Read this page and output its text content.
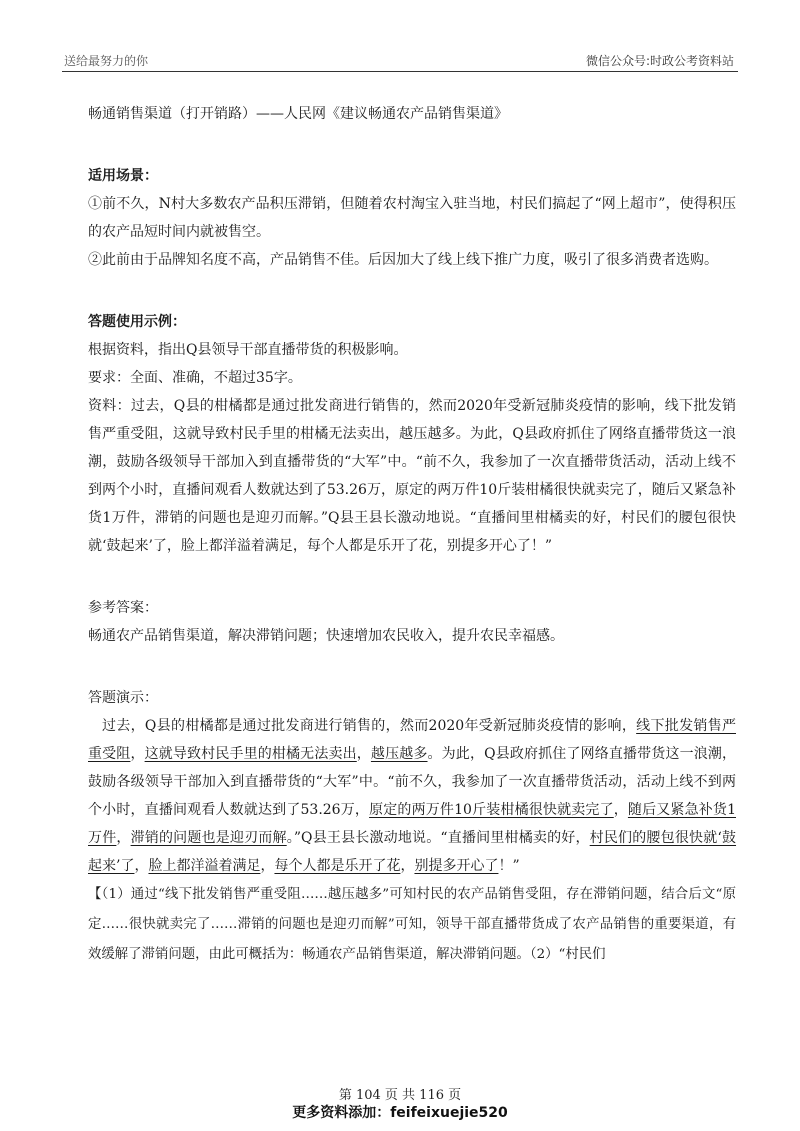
送给最努力的你	微信公众号:时政公考资料站

畅通销售渠道（打开销路）——人民网《建议畅通农产品销售渠道》

适用场景：

①前不久，N村大多数农产品积压滞销，但随着农村淘宝入驻当地，村民们搞起了“网上超市”，使得积压的农产品短时间内就被售空。

②此前由于品牌知名度不高，产品销售不佳。后因加大了线上线下推广力度，吸引了很多消费者选购。

答题使用示例：

根据资料，指出Q县领导干部直播带货的积极影响。

要求：全面、准确，不超过35字。

资料：过去，Q县的柑橘都是通过批发商进行销售的，然而2020年受新冠肺炎疫情的影响，线下批发销售严重受阻，这就导致村民手里的柑橘无法卖出，越压越多。为此，Q县政府抓住了网络直播带货这一浪潮，鼓励各级领导干部加入到直播带货的“大军”中。“前不久，我参加了一次直播带货活动，活动上线不到两个小时，直播间观看人数就达到了53.26万，原定的两万件10斤装柑橘很快就卖完了，随后又紧急补货1万件，滞销的问题也是迎刃而解。”Q县王县长激动地说。“直播间里柑橘卖的好，村民们的腰包很快就‘鼓起来’了，脸上都洋溢着满足，每个人都是乐开了花，别提多开心了！”

参考答案：

畅通农产品销售渠道，解决滞销问题；快速增加农民收入，提升农民幸福感。

答题演示：

过去，Q县的柑橘都是通过批发商进行销售的，然而2020年受新冠肺炎疫情的影响，线下批发销售严重受阻，这就导致村民手里的柑橘无法卖出，越压越多。为此，Q县政府抓住了网络直播带货这一浪潮，鼓励各级领导干部加入到直播带货的“大军”中。“前不久，我参加了一次直播带货活动，活动上线不到两个小时，直播间观看人数就达到了53.26万，原定的两万件10斤装柑橘很快就卖完了，随后又紧急补货1万件，滞销的问题也是迎刃而解。”Q县王县长激动地说。“直播间里柑橘卖的好，村民们的腰包很快就‘鼓起来’了，脸上都洋溢着满足，每个人都是乐开了花，别提多开心了！”

【（1）通过“线下批发销售严重受阻……越压越多”可知村民的农产品销售受阻，存在滞销问题，结合后文“原定……很快就卖完了……滞销的问题也是迎刃而解”可知，领导干部直播带货成了农产品销售的重要渠道，有效缓解了滞销问题，由此可概括为：畅通农产品销售渠道，解决滞销问题。（2）“村民们

第 104 页 共 116 页
更多资料添加：feifeixuejie520
